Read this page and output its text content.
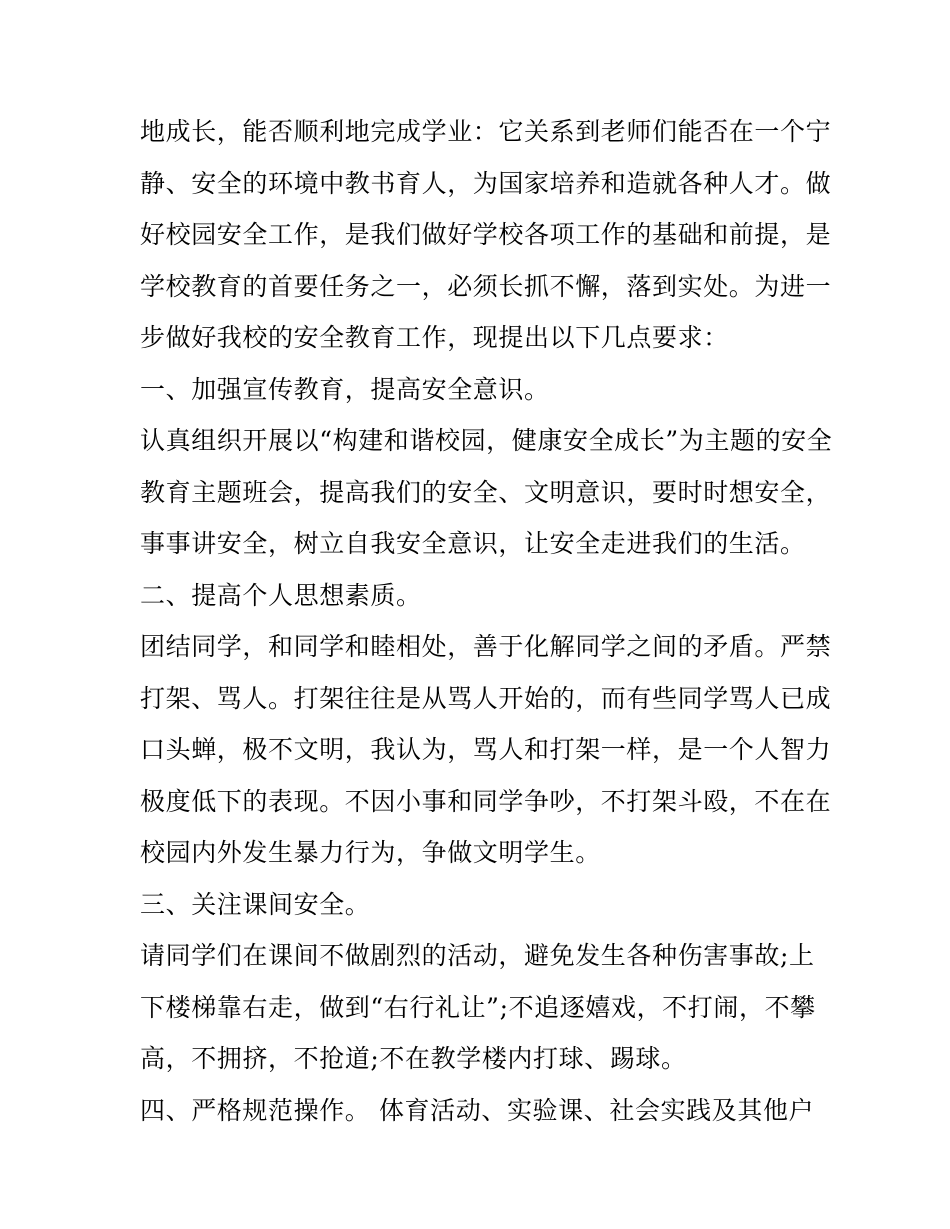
地成长，能否顺利地完成学业：它关系到老师们能否在一个宁
静、安全的环境中教书育人，为国家培养和造就各种人才。做
好校园安全工作，是我们做好学校各项工作的基础和前提，是
学校教育的首要任务之一，必须长抓不懈，落到实处。为进一
步做好我校的安全教育工作，现提出以下几点要求：
一、加强宣传教育，提高安全意识。
认真组织开展以“构建和谐校园，健康安全成长”为主题的安全
教育主题班会，提高我们的安全、文明意识，要时时想安全，
事事讲安全，树立自我安全意识，让安全走进我们的生活。
二、提高个人思想素质。
团结同学，和同学和睦相处，善于化解同学之间的矛盾。严禁
打架、骂人。打架往往是从骂人开始的，而有些同学骂人已成
口头蝉，极不文明，我认为，骂人和打架一样，是一个人智力
极度低下的表现。不因小事和同学争吵，不打架斗殴，不在在
校园内外发生暴力行为，争做文明学生。
三、关注课间安全。
请同学们在课间不做剧烈的活动，避免发生各种伤害事故;上
下楼梯靠右走，做到“右行礼让”;不追逐嬉戏，不打闹，不攀
高，不拥挤，不抢道;不在教学楼内打球、踢球。
四、严格规范操作。 体育活动、实验课、社会实践及其他户
